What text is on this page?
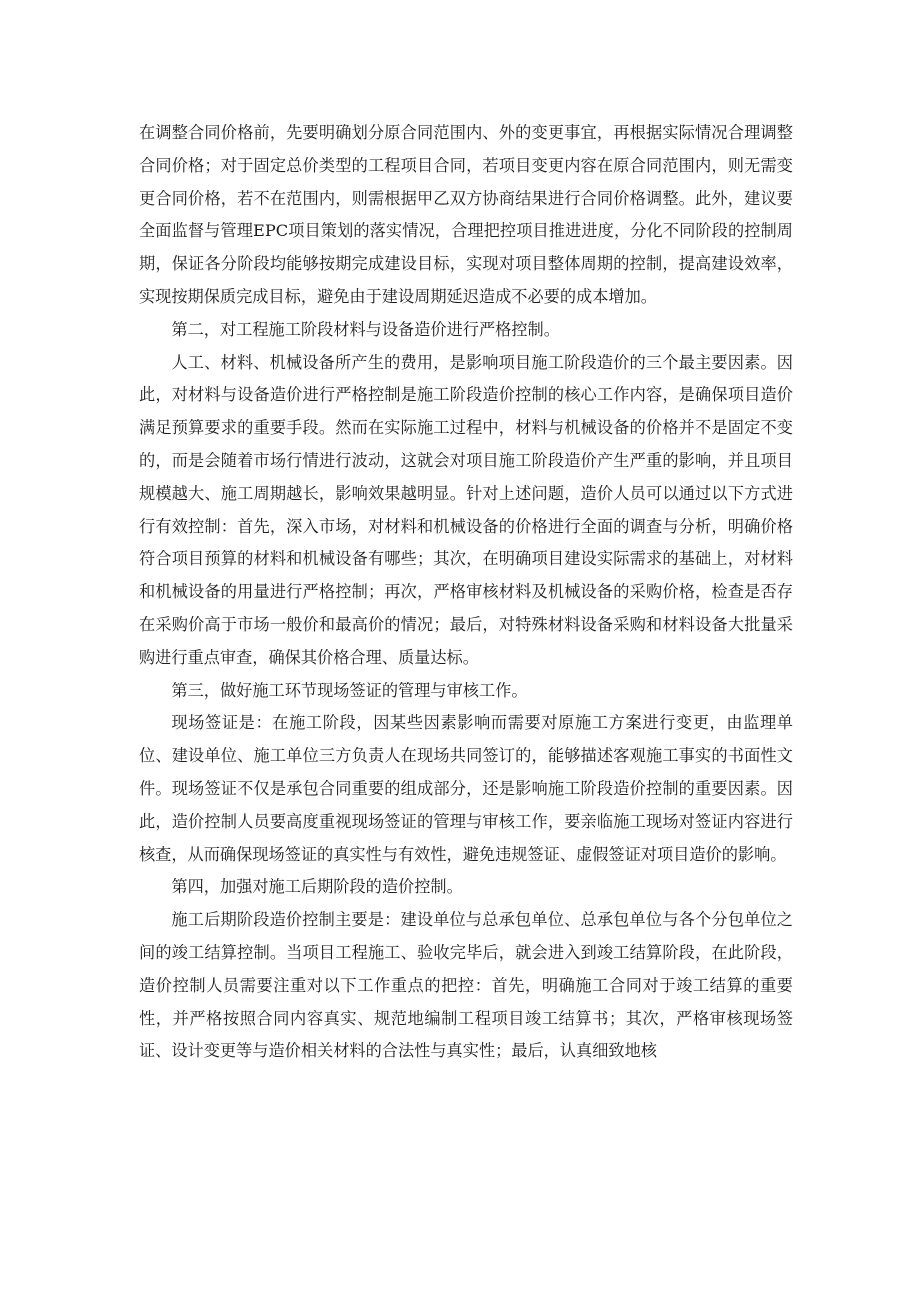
在调整合同价格前，先要明确划分原合同范围内、外的变更事宜，再根据实际情况合理调整合同价格；对于固定总价类型的工程项目合同，若项目变更内容在原合同范围内，则无需变更合同价格，若不在范围内，则需根据甲乙双方协商结果进行合同价格调整。此外，建议要全面监督与管理EPC项目策划的落实情况，合理把控项目推进进度，分化不同阶段的控制周期，保证各分阶段均能够按期完成建设目标，实现对项目整体周期的控制，提高建设效率，实现按期保质完成目标，避免由于建设周期延迟造成不必要的成本增加。

第二，对工程施工阶段材料与设备造价进行严格控制。

人工、材料、机械设备所产生的费用，是影响项目施工阶段造价的三个最主要因素。因此，对材料与设备造价进行严格控制是施工阶段造价控制的核心工作内容，是确保项目造价满足预算要求的重要手段。然而在实际施工过程中，材料与机械设备的价格并不是固定不变的，而是会随着市场行情进行波动，这就会对项目施工阶段造价产生严重的影响，并且项目规模越大、施工周期越长，影响效果越明显。针对上述问题，造价人员可以通过以下方式进行有效控制：首先，深入市场，对材料和机械设备的价格进行全面的调查与分析，明确价格符合项目预算的材料和机械设备有哪些；其次，在明确项目建设实际需求的基础上，对材料和机械设备的用量进行严格控制；再次，严格审核材料及机械设备的采购价格，检查是否存在采购价高于市场一般价和最高价的情况；最后，对特殊材料设备采购和材料设备大批量采购进行重点审查，确保其价格合理、质量达标。

第三，做好施工环节现场签证的管理与审核工作。

现场签证是：在施工阶段，因某些因素影响而需要对原施工方案进行变更，由监理单位、建设单位、施工单位三方负责人在现场共同签订的，能够描述客观施工事实的书面性文件。现场签证不仅是承包合同重要的组成部分，还是影响施工阶段造价控制的重要因素。因此，造价控制人员要高度重视现场签证的管理与审核工作，要亲临施工现场对签证内容进行核查，从而确保现场签证的真实性与有效性，避免违规签证、虚假签证对项目造价的影响。

第四，加强对施工后期阶段的造价控制。

施工后期阶段造价控制主要是：建设单位与总承包单位、总承包单位与各个分包单位之间的竣工结算控制。当项目工程施工、验收完毕后，就会进入到竣工结算阶段，在此阶段，造价控制人员需要注重对以下工作重点的把控：首先，明确施工合同对于竣工结算的重要性，并严格按照合同内容真实、规范地编制工程项目竣工结算书；其次，严格审核现场签证、设计变更等与造价相关材料的合法性与真实性；最后，认真细致地核
